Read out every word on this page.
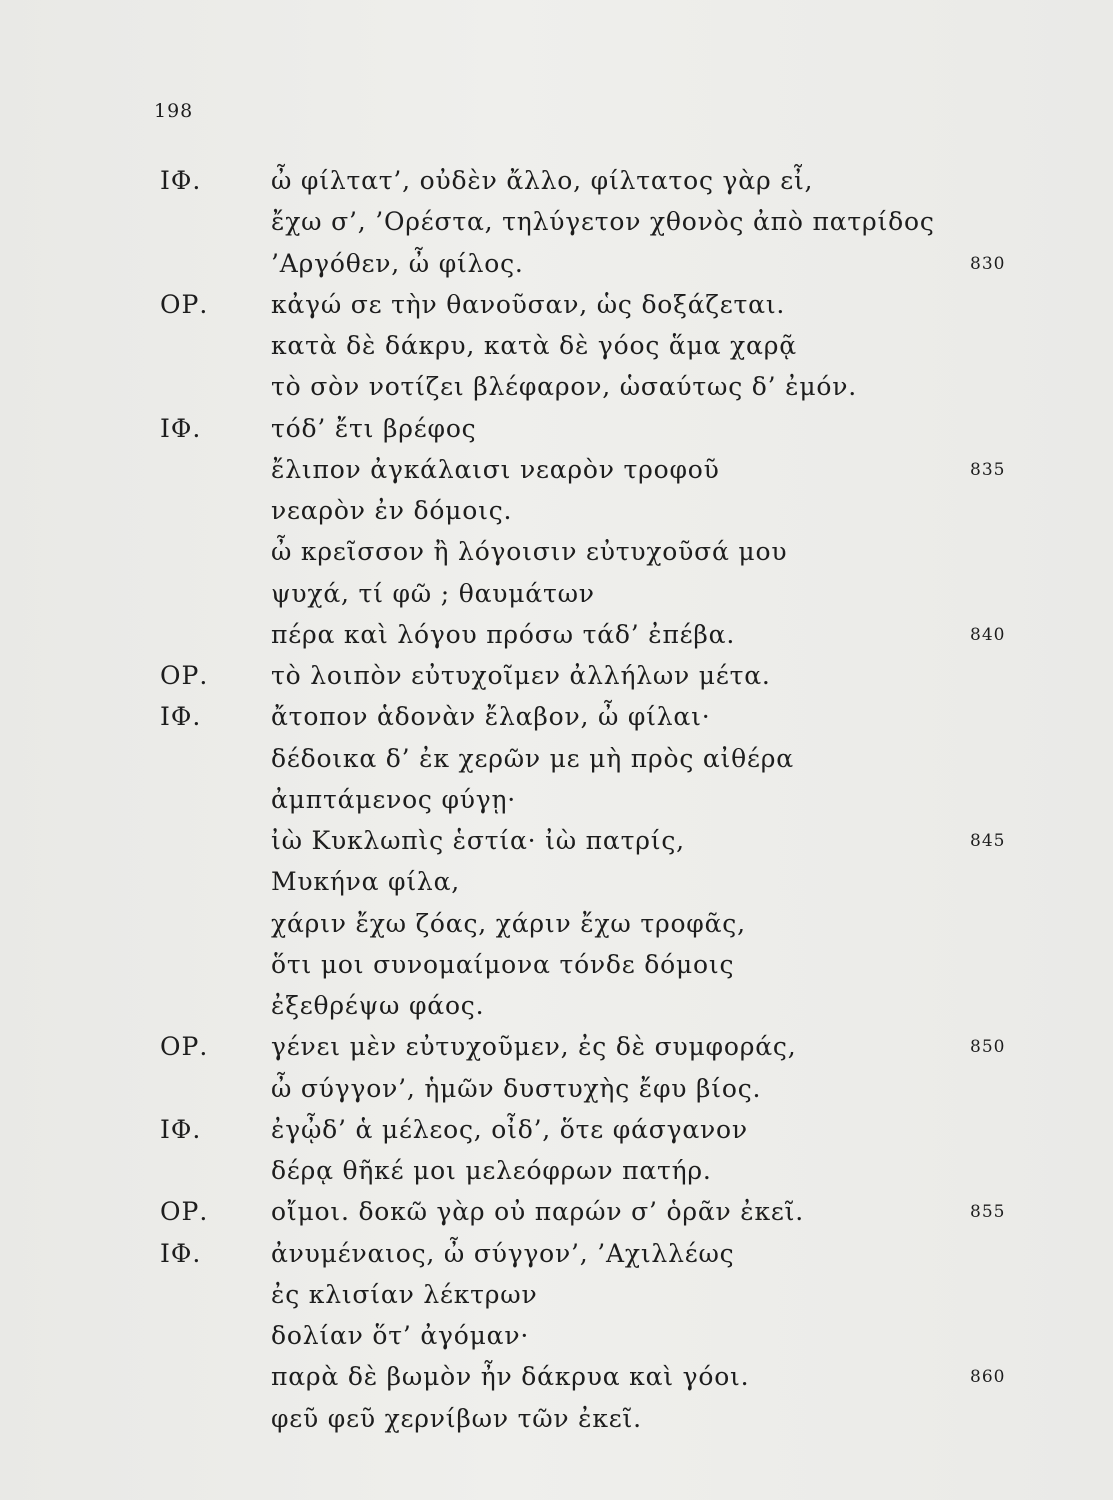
198
ΙΦ.	ὦ φίλτατ’, οὐδὲν ἄλλο, φίλτατος γὰρ εἶ,
ἔχω σ’, ’Ορέστα, τηλύγετον χθονὸς ἀπὸ πατρίδος
’Αργόθεν, ὦ φίλος.	830
ΟΡ.	κἀγώ σε τὴν θανοῦσαν, ὡς δοξάζεται.
κατὰ δὲ δάκρυ, κατὰ δὲ γόος ἅμα χαρᾷ
τὸ σὸν νοτίζει βλέφαρον, ὡσαύτως δ’ ἐμόν.
ΙΦ.	τόδ’ ἔτι βρέφος
ἔλιπον ἀγκάλαισι νεαρὸν τροφοῦ	835
νεαρὸν ἐν δόμοις.
ὦ κρεῖσσον ἢ λόγοισιν εὐτυχοῦσά μου
ψυχά, τί φῶ ; θαυμάτων
πέρα καὶ λόγου πρόσω τάδ’ ἐπέβα.	840
ΟΡ.	τὸ λοιπὸν εὐτυχοῖμεν ἀλλήλων μέτα.
ΙΦ.	ἄτοπον ἁδονὰν ἔλαβον, ὦ φίλαι·
δέδοικα δ’ ἐκ χερῶν με μὴ πρὸς αἰθέρα
ἀμπτάμενος φύγῃ·
ἰὼ Κυκλωπὶς ἑστία· ἰὼ πατρίς,	845
Μυκήνα φίλα,
χάριν ἔχω ζόας, χάριν ἔχω τροφᾶς,
ὅτι μοι συνομαίμονα τόνδε δόμοις
ἐξεθρέψω φάος.
ΟΡ.	γένει μὲν εὐτυχοῦμεν, ἐς δὲ συμφοράς,	850
ὦ σύγγον’, ἡμῶν δυστυχὴς ἔφυ βίος.
ΙΦ.	ἐγᾦδ’ ἁ μέλεος, οἶδ’, ὅτε φάσγανον
δέρᾳ θῆκέ μοι μελεόφρων πατήρ.
ΟΡ.	οἴμοι. δοκῶ γὰρ οὐ παρών σ’ ὁρᾶν ἐκεῖ.	855
ΙΦ.	ἀνυμέναιος, ὦ σύγγον’, ’Αχιλλέως
ἐς κλισίαν λέκτρων
δολίαν ὅτ’ ἀγόμαν·
παρὰ δὲ βωμὸν ἦν δάκρυα καὶ γόοι.	860
φεῦ φεῦ χερνίβων τῶν ἐκεῖ.
